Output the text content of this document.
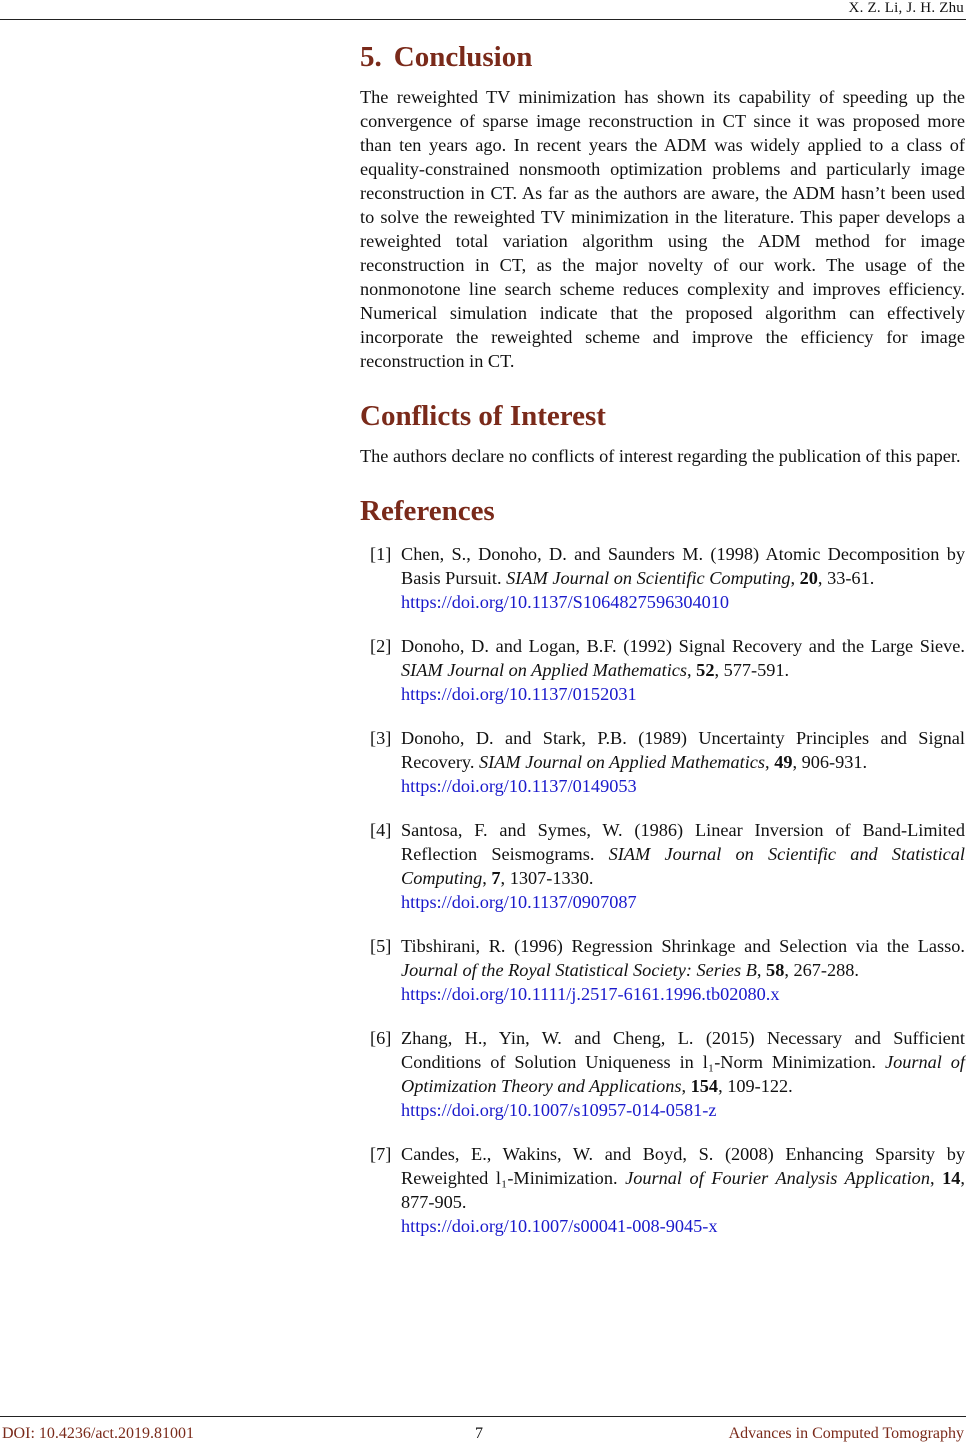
X. Z. Li, J. H. Zhu
5. Conclusion

The reweighted TV minimization has shown its capability of speeding up the convergence of sparse image reconstruction in CT since it was proposed more than ten years ago. In recent years the ADM was widely applied to a class of equality-constrained nonsmooth optimization problems and particularly image reconstruction in CT. As far as the authors are aware, the ADM hasn’t been used to solve the reweighted TV minimization in the literature. This paper develops a reweighted total variation algorithm using the ADM method for image reconstruction in CT, as the major novelty of our work. The usage of the nonmonotone line search scheme reduces complexity and improves efficiency. Numerical simulation indicate that the proposed algorithm can effectively incorporate the reweighted scheme and improve the efficiency for image reconstruction in CT.

Conflicts of Interest

The authors declare no conflicts of interest regarding the publication of this paper.

References
[1] Chen, S., Donoho, D. and Saunders M. (1998) Atomic Decomposition by Basis Pursuit. SIAM Journal on Scientific Computing, 20, 33-61.
https://doi.org/10.1137/S1064827596304010
[2] Donoho, D. and Logan, B.F. (1992) Signal Recovery and the Large Sieve. SIAM Journal on Applied Mathematics, 52, 577-591.
https://doi.org/10.1137/0152031
[3] Donoho, D. and Stark, P.B. (1989) Uncertainty Principles and Signal Recovery. SIAM Journal on Applied Mathematics, 49, 906-931.
https://doi.org/10.1137/0149053
[4] Santosa, F. and Symes, W. (1986) Linear Inversion of Band-Limited Reflection Seismograms. SIAM Journal on Scientific and Statistical Computing, 7, 1307-1330.
https://doi.org/10.1137/0907087
[5] Tibshirani, R. (1996) Regression Shrinkage and Selection via the Lasso. Journal of the Royal Statistical Society: Series B, 58, 267-288.
https://doi.org/10.1111/j.2517-6161.1996.tb02080.x
[6] Zhang, H., Yin, W. and Cheng, L. (2015) Necessary and Sufficient Conditions of Solution Uniqueness in l₁-Norm Minimization. Journal of Optimization Theory and Applications, 154, 109-122.
https://doi.org/10.1007/s10957-014-0581-z
[7] Candes, E., Wakins, W. and Boyd, S. (2008) Enhancing Sparsity by Reweighted l₁-Minimization. Journal of Fourier Analysis Application, 14, 877-905.
https://doi.org/10.1007/s00041-008-9045-x
DOI: 10.4236/act.2019.81001	7	Advances in Computed Tomography
